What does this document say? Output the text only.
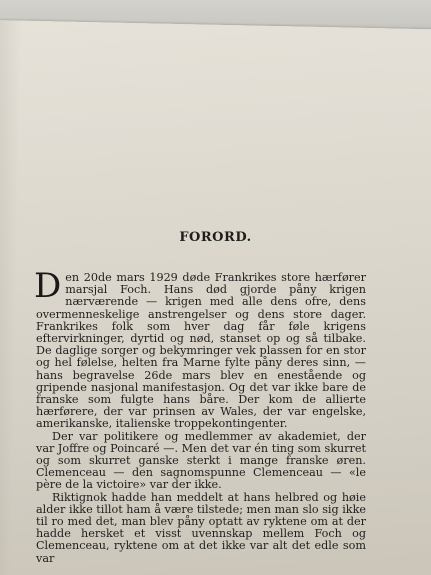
FORORD.

Den 20de mars 1929 døde Frankrikes store hærfører marsjal Foch. Hans død gjorde påny krigen nærværende — krigen med alle dens ofre, dens overmenneskelige anstrengelser og dens store dager. Frankrikes folk som hver dag får føle krigens eftervirkninger, dyrtid og nød, stanset op og så tilbake. De daglige sorger og bekymringer vek plassen for en stor og hel følelse, helten fra Marne fylte påny deres sinn, — hans begravelse 26de mars blev en enestående og gripende nasjonal manifestasjon. Og det var ikke bare de franske som fulgte hans båre. Der kom de allierte hærførere, der var prinsen av Wales, der var engelske, amerikanske, italienske troppekontingenter.

Der var politikere og medlemmer av akademiet, der var Joffre og Poincaré —. Men det var én ting som skurret og som skurret ganske sterkt i mange franske øren. Clemenceau — den sagnomspunne Clemenceau — «le père de la victoire» var der ikke.

Riktignok hadde han meddelt at hans helbred og høie alder ikke tillot ham å være tilstede; men man slo sig ikke til ro med det, man blev påny optatt av ryktene om at der hadde hersket et visst uvennskap mellem Foch og Clemenceau, ryktene om at det ikke var alt det edle som var
